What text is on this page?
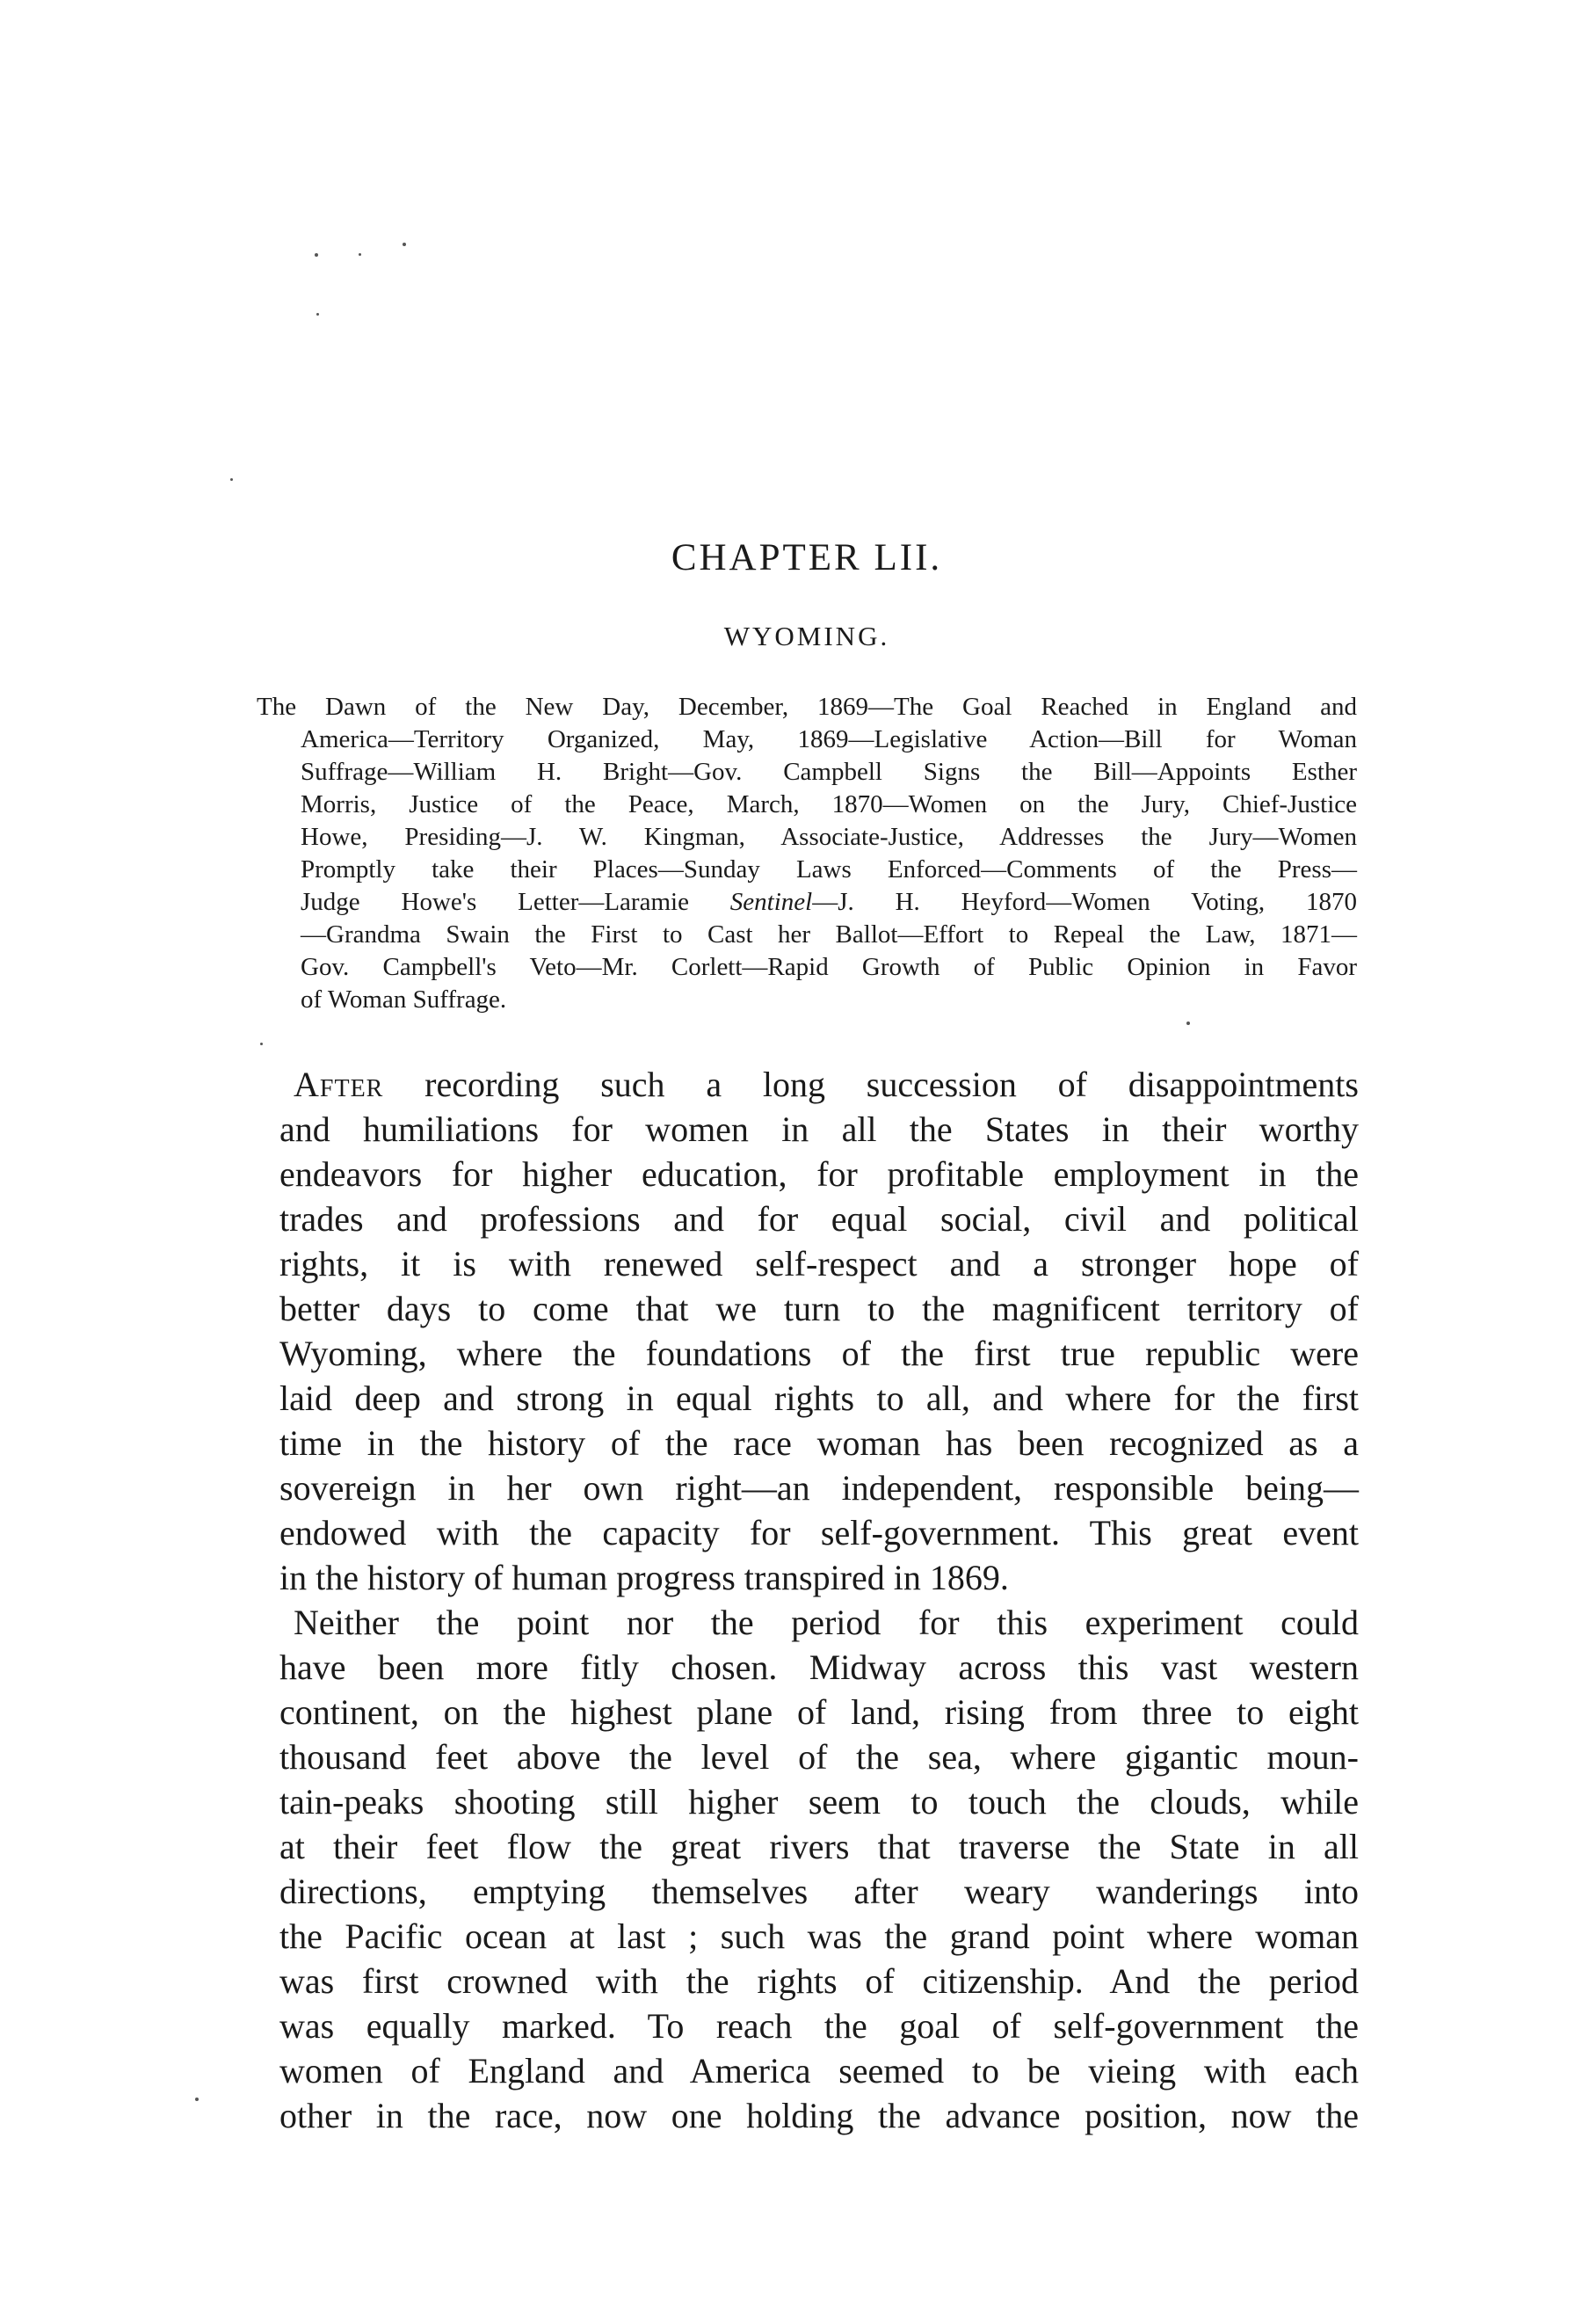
CHAPTER LII.
WYOMING.
The Dawn of the New Day, December, 1869—The Goal Reached in England and
America—Territory Organized, May, 1869—Legislative Action—Bill for Woman
Suffrage—William H. Bright—Gov. Campbell Signs the Bill—Appoints Esther
Morris, Justice of the Peace, March, 1870—Women on the Jury, Chief-Justice
Howe, Presiding—J. W. Kingman, Associate-Justice, Addresses the Jury—Women
Promptly take their Places—Sunday Laws Enforced—Comments of the Press—
Judge Howe's Letter—Laramie Sentinel—J. H. Heyford—Women Voting, 1870
—Grandma Swain the First to Cast her Ballot—Effort to Repeal the Law, 1871—
Gov. Campbell's Veto—Mr. Corlett—Rapid Growth of Public Opinion in Favor
of Woman Suffrage.
After recording such a long succession of disappointments
and humiliations for women in all the States in their worthy
endeavors for higher education, for profitable employment in the
trades and professions and for equal social, civil and political
rights, it is with renewed self-respect and a stronger hope of
better days to come that we turn to the magnificent territory of
Wyoming, where the foundations of the first true republic were
laid deep and strong in equal rights to all, and where for the first
time in the history of the race woman has been recognized as a
sovereign in her own right—an independent, responsible being—
endowed with the capacity for self-government. This great event
in the history of human progress transpired in 1869.
Neither the point nor the period for this experiment could
have been more fitly chosen. Midway across this vast western
continent, on the highest plane of land, rising from three to eight
thousand feet above the level of the sea, where gigantic moun-
tain-peaks shooting still higher seem to touch the clouds, while
at their feet flow the great rivers that traverse the State in all
directions, emptying themselves after weary wanderings into
the Pacific ocean at last ; such was the grand point where woman
was first crowned with the rights of citizenship. And the period
was equally marked. To reach the goal of self-government the
women of England and America seemed to be vieing with each
other in the race, now one holding the advance position, now the
